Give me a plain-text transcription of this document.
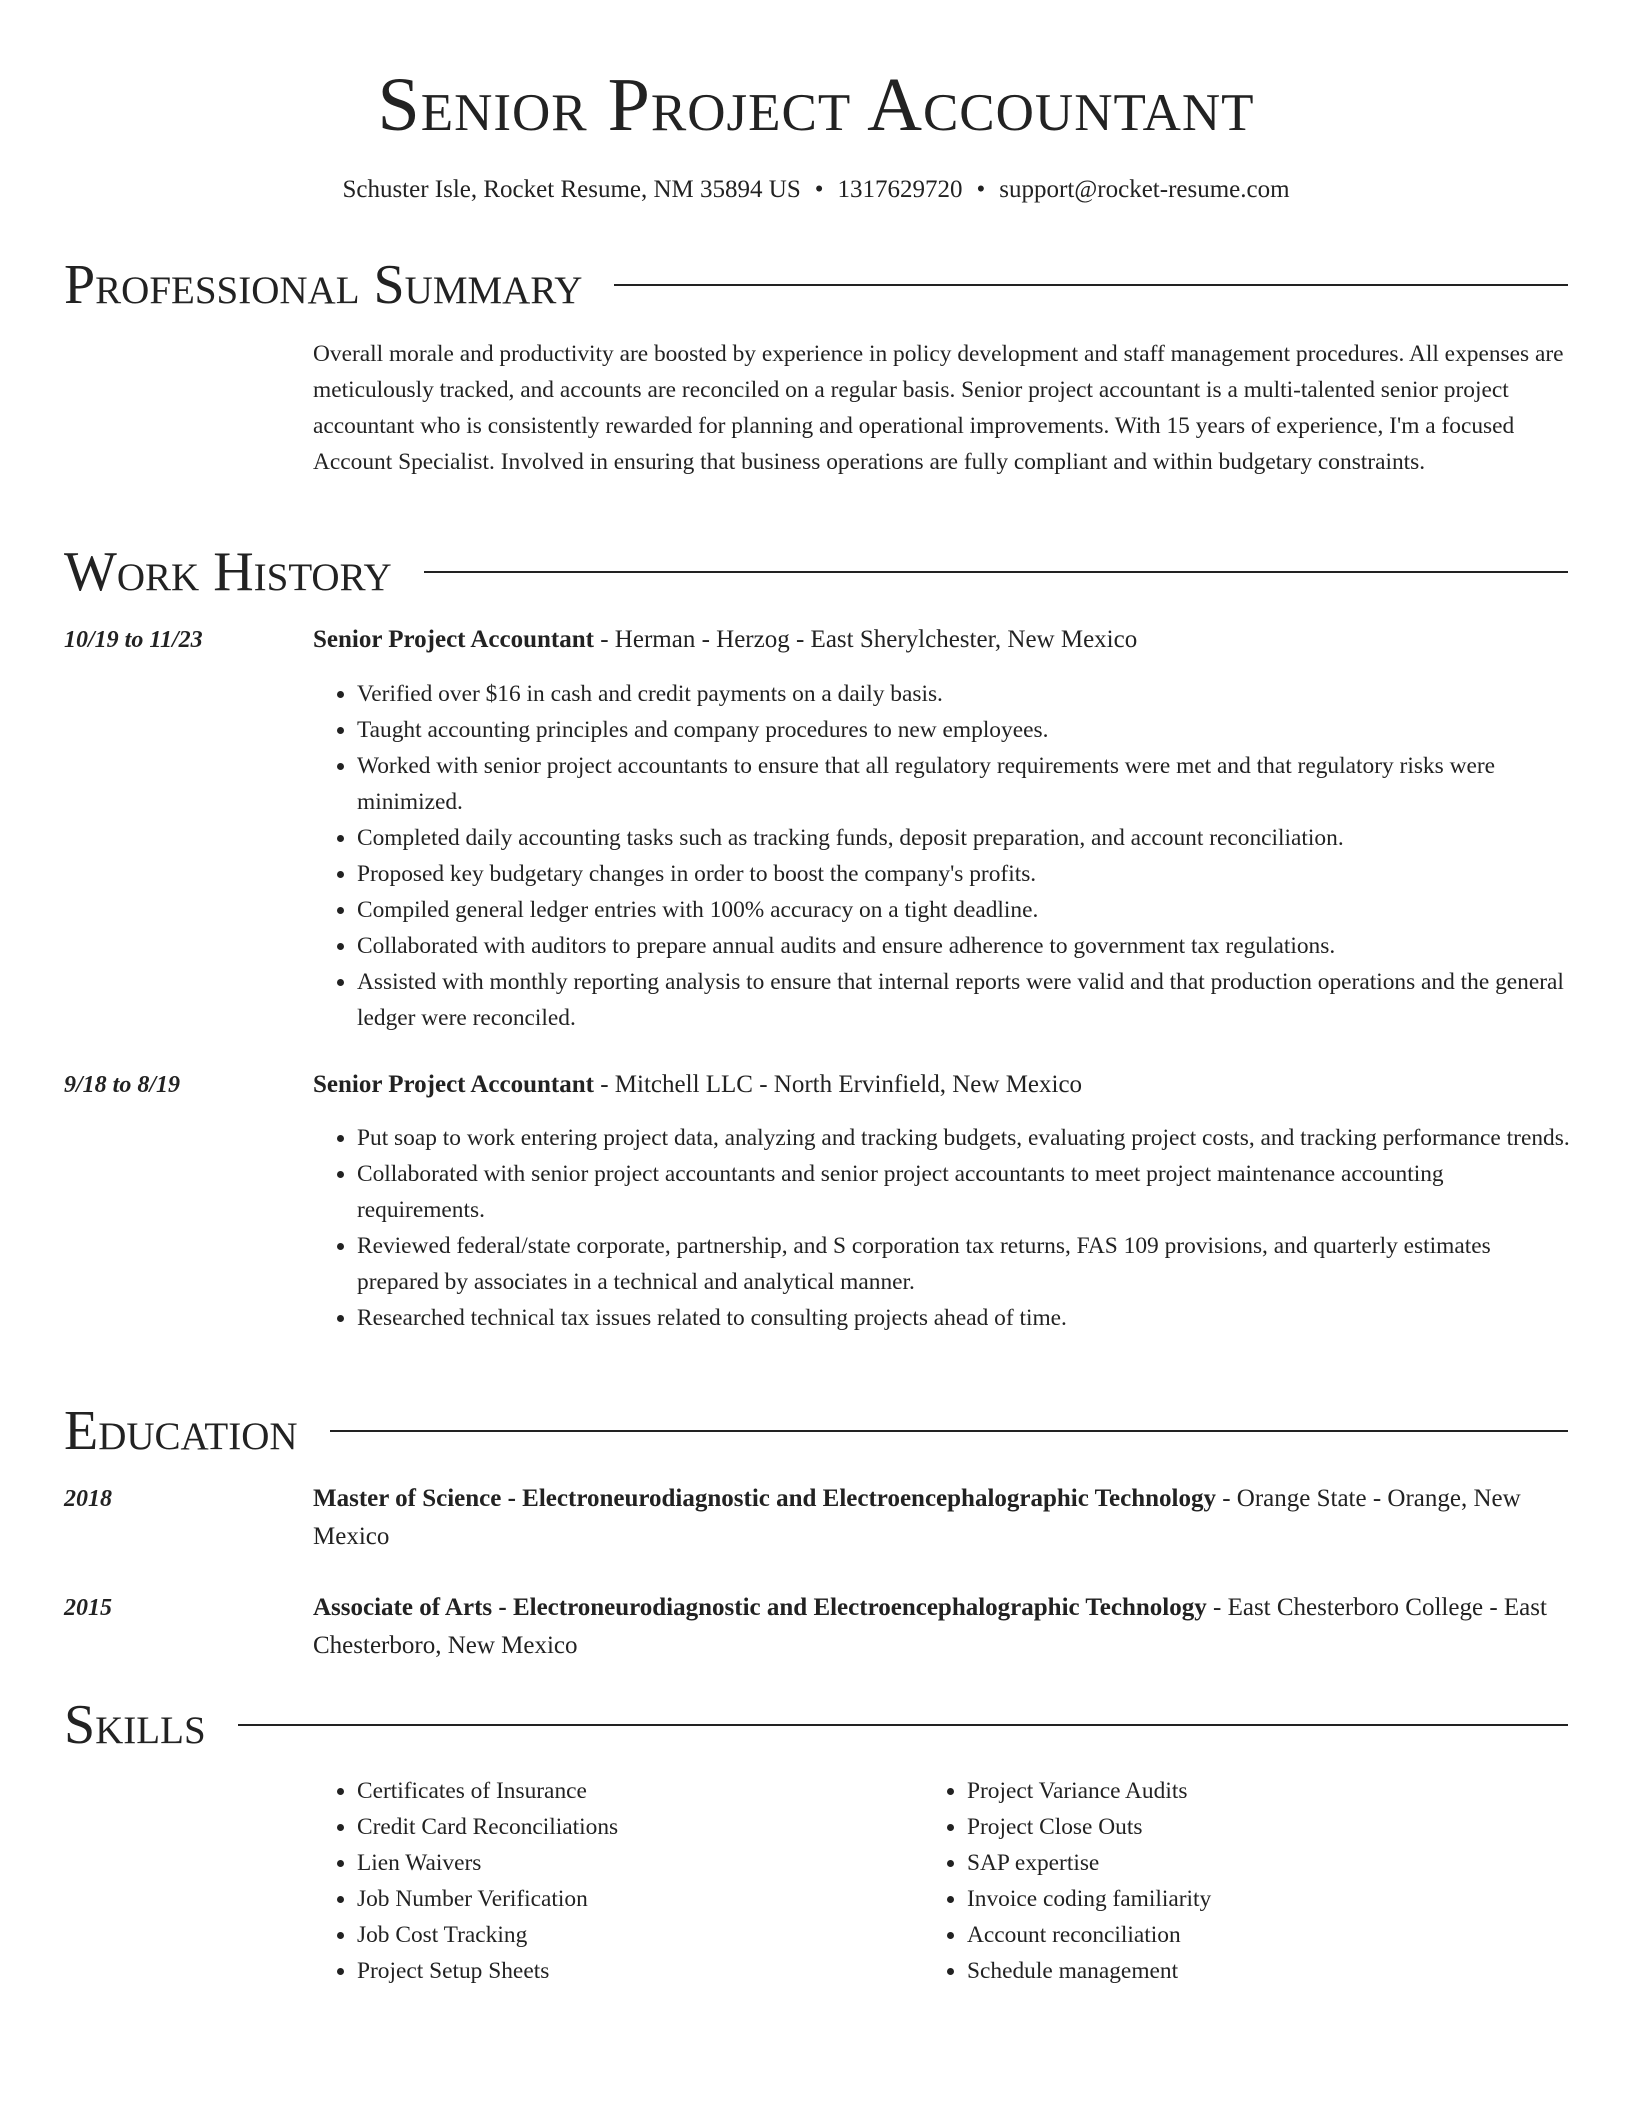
Senior Project Accountant
Schuster Isle, Rocket Resume, NM 35894 US • 1317629720 • support@rocket-resume.com
Professional Summary
Overall morale and productivity are boosted by experience in policy development and staff management procedures. All expenses are meticulously tracked, and accounts are reconciled on a regular basis. Senior project accountant is a multi-talented senior project accountant who is consistently rewarded for planning and operational improvements. With 15 years of experience, I'm a focused Account Specialist. Involved in ensuring that business operations are fully compliant and within budgetary constraints.
Work History
10/19 to 11/23	Senior Project Accountant - Herman - Herzog - East Sherylchester, New Mexico
• Verified over $16 in cash and credit payments on a daily basis.
• Taught accounting principles and company procedures to new employees.
• Worked with senior project accountants to ensure that all regulatory requirements were met and that regulatory risks were minimized.
• Completed daily accounting tasks such as tracking funds, deposit preparation, and account reconciliation.
• Proposed key budgetary changes in order to boost the company's profits.
• Compiled general ledger entries with 100% accuracy on a tight deadline.
• Collaborated with auditors to prepare annual audits and ensure adherence to government tax regulations.
• Assisted with monthly reporting analysis to ensure that internal reports were valid and that production operations and the general ledger were reconciled.
9/18 to 8/19	Senior Project Accountant - Mitchell LLC - North Ervinfield, New Mexico
• Put soap to work entering project data, analyzing and tracking budgets, evaluating project costs, and tracking performance trends.
• Collaborated with senior project accountants and senior project accountants to meet project maintenance accounting requirements.
• Reviewed federal/state corporate, partnership, and S corporation tax returns, FAS 109 provisions, and quarterly estimates prepared by associates in a technical and analytical manner.
• Researched technical tax issues related to consulting projects ahead of time.
Education
2018	Master of Science - Electroneurodiagnostic and Electroencephalographic Technology - Orange State - Orange, New Mexico
2015	Associate of Arts - Electroneurodiagnostic and Electroencephalographic Technology - East Chesterboro College - East Chesterboro, New Mexico
Skills
• Certificates of Insurance
• Credit Card Reconciliations
• Lien Waivers
• Job Number Verification
• Job Cost Tracking
• Project Setup Sheets
• Project Variance Audits
• Project Close Outs
• SAP expertise
• Invoice coding familiarity
• Account reconciliation
• Schedule management
